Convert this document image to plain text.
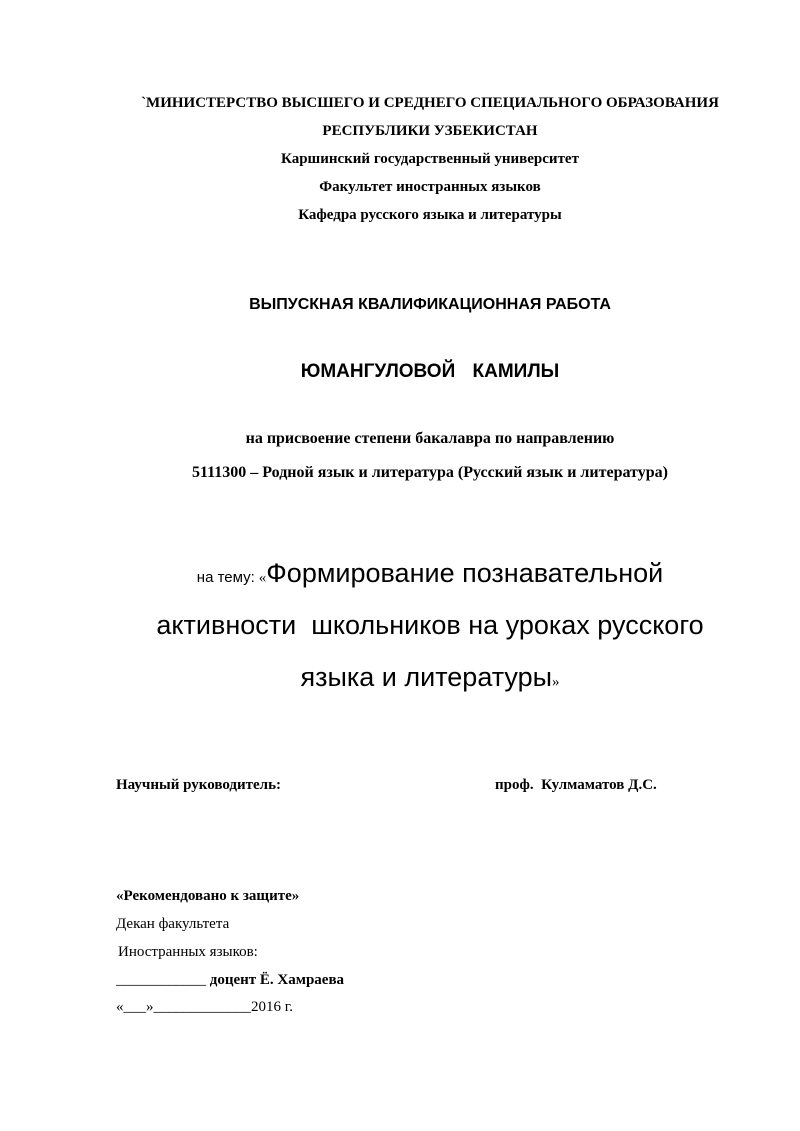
`МИНИСТЕРСТВО ВЫСШЕГО И СРЕДНЕГО СПЕЦИАЛЬНОГО ОБРАЗОВАНИЯ
РЕСПУБЛИКИ УЗБЕКИСТАН
Каршинский государственный университет
Факультет иностранных языков
Кафедра русского языка и литературы
ВЫПУСКНАЯ КВАЛИФИКАЦИОННАЯ РАБОТА
ЮМАНГУЛОВОЙ КАМИЛЫ
на присвоение степени бакалавра по направлению
5111300 – Родной язык и литература (Русский язык и литература)
на тему: «Формирование познавательной
активности  школьников на уроках русского
языка и литературы»
Научный руководитель:	проф.  Кулмаматов Д.С.
«Рекомендовано к защите»
Декан факультета
Иностранных языков:
____________ доцент Ё. Хамраева
«___»_____________2016 г.
